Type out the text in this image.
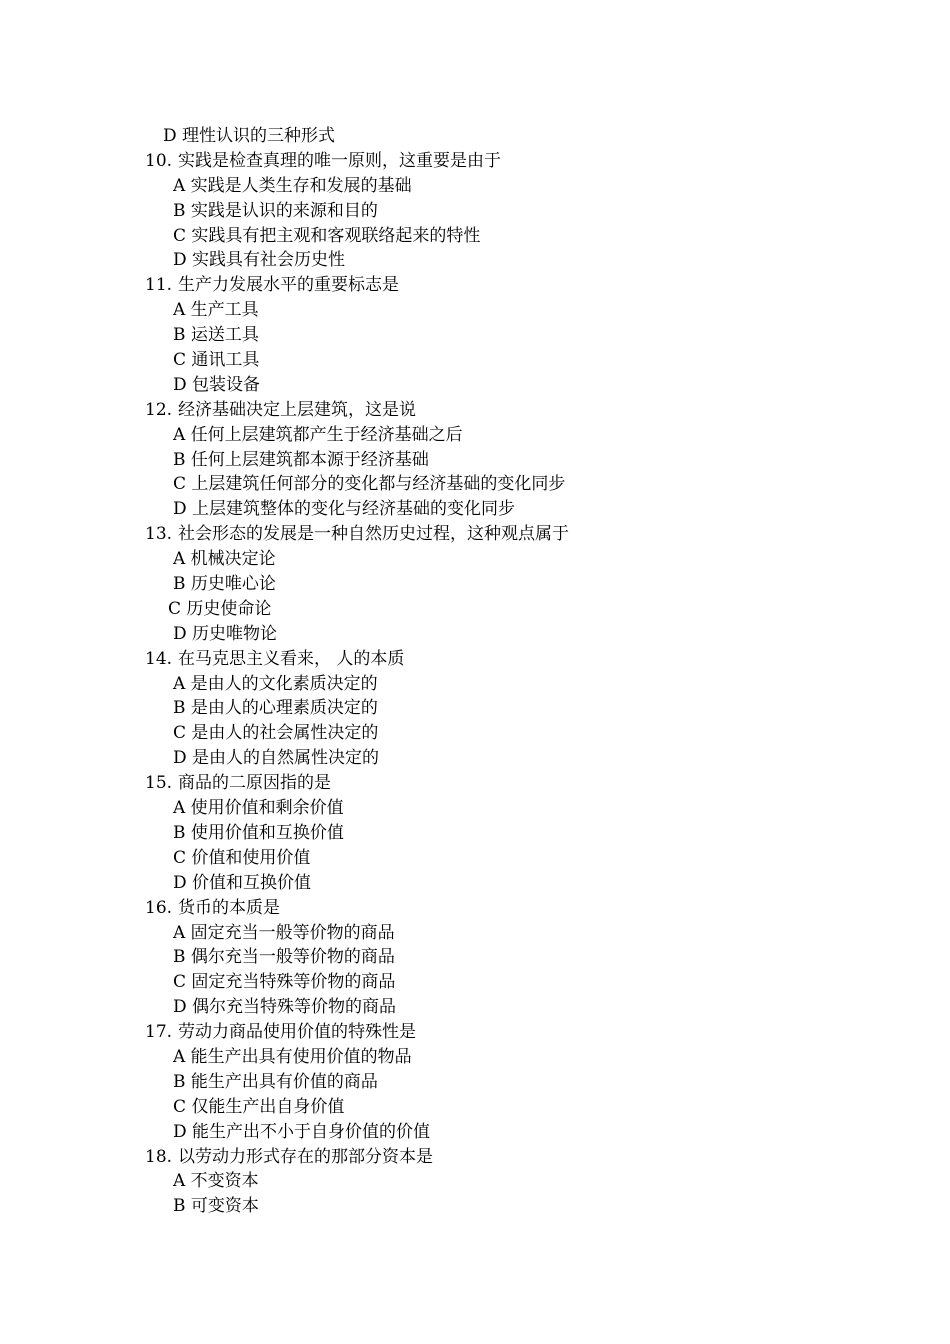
D 理性认识的三种形式
10. 实践是检查真理的唯一原则，这重要是由于
A 实践是人类生存和发展的基础
B 实践是认识的来源和目的
C 实践具有把主观和客观联络起来的特性
D 实践具有社会历史性
11. 生产力发展水平的重要标志是
A 生产工具
B 运送工具
C 通讯工具
D 包装设备
12. 经济基础决定上层建筑，这是说
A 任何上层建筑都产生于经济基础之后
B 任何上层建筑都本源于经济基础
C 上层建筑任何部分的变化都与经济基础的变化同步
D 上层建筑整体的变化与经济基础的变化同步
13. 社会形态的发展是一种自然历史过程，这种观点属于
A 机械决定论
B 历史唯心论
C 历史使命论
D 历史唯物论
14. 在马克思主义看来， 人的本质
A 是由人的文化素质决定的
B 是由人的心理素质决定的
C 是由人的社会属性决定的
D 是由人的自然属性决定的
15. 商品的二原因指的是
A 使用价值和剩余价值
B 使用价值和互换价值
C 价值和使用价值
D 价值和互换价值
16. 货币的本质是
A 固定充当一般等价物的商品
B 偶尔充当一般等价物的商品
C 固定充当特殊等价物的商品
D 偶尔充当特殊等价物的商品
17. 劳动力商品使用价值的特殊性是
A 能生产出具有使用价值的物品
B 能生产出具有价值的商品
C 仅能生产出自身价值
D 能生产出不小于自身价值的价值
18. 以劳动力形式存在的那部分资本是
A 不变资本
B 可变资本
